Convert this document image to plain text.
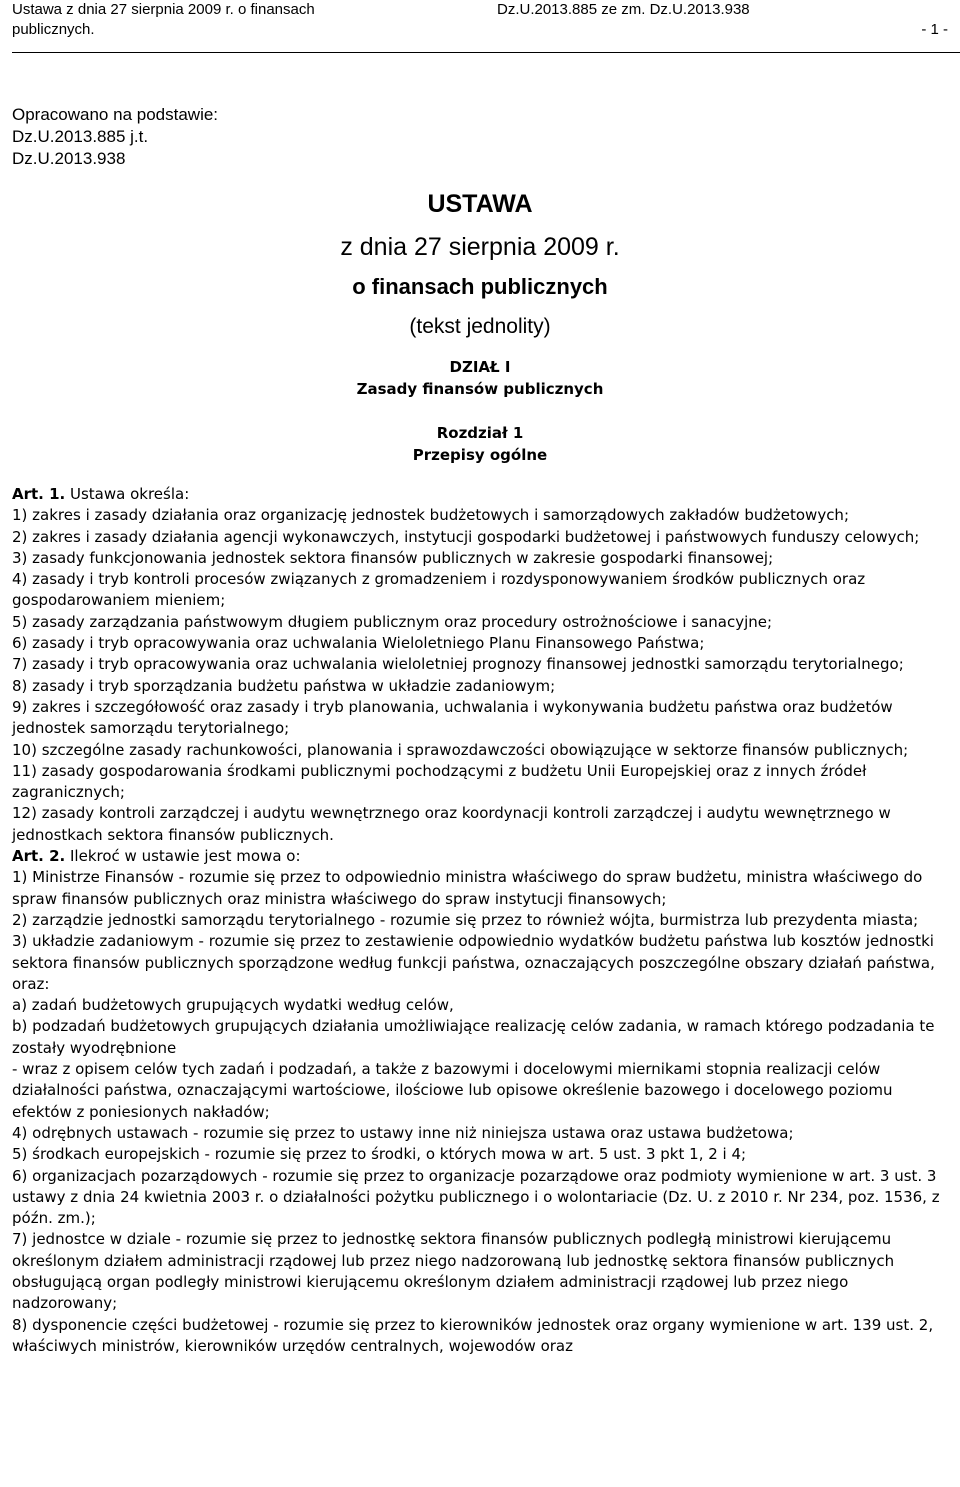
Ustawa z dnia 27 sierpnia 2009 r. o finansach
publicznych.
Dz.U.2013.885 ze zm. Dz.U.2013.938
- 1 -
Opracowano na podstawie:
Dz.U.2013.885 j.t.
Dz.U.2013.938
USTAWA
z dnia 27 sierpnia 2009 r.
o finansach publicznych
(tekst jednolity)
DZIAŁ I
Zasady finansów publicznych
Rozdział 1
Przepisy ogólne

Art. 1. Ustawa określa:

1) zakres i zasady działania oraz organizację jednostek budżetowych i samorządowych zakładów budżetowych;

2) zakres i zasady działania agencji wykonawczych, instytucji gospodarki budżetowej i państwowych funduszy celowych;

3) zasady funkcjonowania jednostek sektora finansów publicznych w zakresie gospodarki finansowej;

4) zasady i tryb kontroli procesów związanych z gromadzeniem i rozdysponowywaniem środków publicznych oraz gospodarowaniem mieniem;

5) zasady zarządzania państwowym długiem publicznym oraz procedury ostrożnościowe i sanacyjne;

6) zasady i tryb opracowywania oraz uchwalania Wieloletniego Planu Finansowego Państwa;

7) zasady i tryb opracowywania oraz uchwalania wieloletniej prognozy finansowej jednostki samorządu terytorialnego;

8) zasady i tryb sporządzania budżetu państwa w układzie zadaniowym;

9) zakres i szczegółowość oraz zasady i tryb planowania, uchwalania i wykonywania budżetu państwa oraz budżetów jednostek samorządu terytorialnego;

10) szczególne zasady rachunkowości, planowania i sprawozdawczości obowiązujące w sektorze finansów publicznych;

11) zasady gospodarowania środkami publicznymi pochodzącymi z budżetu Unii Europejskiej oraz z innych źródeł zagranicznych;

12) zasady kontroli zarządczej i audytu wewnętrznego oraz koordynacji kontroli zarządczej i audytu wewnętrznego w jednostkach sektora finansów publicznych.

Art. 2. Ilekroć w ustawie jest mowa o:

1) Ministrze Finansów - rozumie się przez to odpowiednio ministra właściwego do spraw budżetu, ministra właściwego do spraw finansów publicznych oraz ministra właściwego do spraw instytucji finansowych;

2) zarządzie jednostki samorządu terytorialnego - rozumie się przez to również wójta, burmistrza lub prezydenta miasta;

3) układzie zadaniowym - rozumie się przez to zestawienie odpowiednio wydatków budżetu państwa lub kosztów jednostki sektora finansów publicznych sporządzone według funkcji państwa, oznaczających poszczególne obszary działań państwa, oraz:

a) zadań budżetowych grupujących wydatki według celów,

b) podzadań budżetowych grupujących działania umożliwiające realizację celów zadania, w ramach którego podzadania te zostały wyodrębnione

- wraz z opisem celów tych zadań i podzadań, a także z bazowymi i docelowymi miernikami stopnia realizacji celów działalności państwa, oznaczającymi wartościowe, ilościowe lub opisowe określenie bazowego i docelowego poziomu efektów z poniesionych nakładów;

4) odrębnych ustawach - rozumie się przez to ustawy inne niż niniejsza ustawa oraz ustawa budżetowa;

5) środkach europejskich - rozumie się przez to środki, o których mowa w art. 5 ust. 3 pkt 1, 2 i 4;

6) organizacjach pozarządowych - rozumie się przez to organizacje pozarządowe oraz podmioty wymienione w art. 3 ust. 3 ustawy z dnia 24 kwietnia 2003 r. o działalności pożytku publicznego i o wolontariacie (Dz. U. z 2010 r. Nr 234, poz. 1536, z późn. zm.);

7) jednostce w dziale - rozumie się przez to jednostkę sektora finansów publicznych podległą ministrowi kierującemu określonym działem administracji rządowej lub przez niego nadzorowaną lub jednostkę sektora finansów publicznych obsługującą organ podległy ministrowi kierującemu określonym działem administracji rządowej lub przez niego nadzorowany;

8) dysponencie części budżetowej - rozumie się przez to kierowników jednostek oraz organy wymienione w art. 139 ust. 2, właściwych ministrów, kierowników urzędów centralnych, wojewodów oraz
